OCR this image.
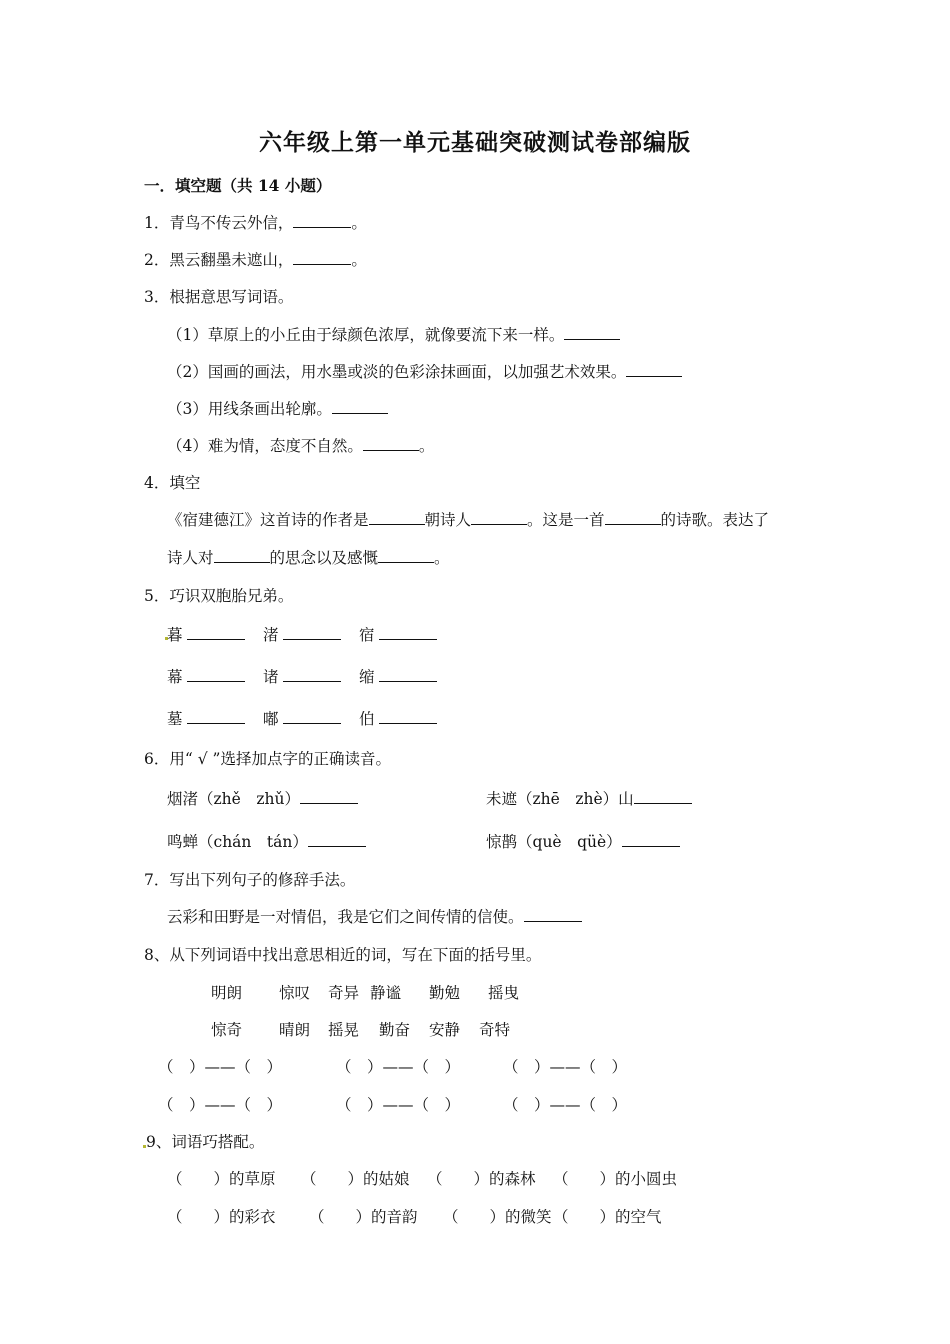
六年级上第一单元基础突破测试卷部编版
一．填空题（共 14 小题）
1．青鸟不传云外信，	。
2．黑云翻墨未遮山，	。
3．根据意思写词语。
（1）草原上的小丘由于绿颜色浓厚，就像要流下来一样。
（2）国画的画法，用水墨或淡的色彩涂抹画面，以加强艺术效果。
（3）用线条画出轮廓。
（4）难为情，态度不自然。	。
4．填空
《宿建德江》这首诗的作者是	朝诗人	。这是一首	的诗歌。表达了
诗人对	的思念以及感慨	。
5．巧识双胞胎兄弟。
暮	渚	宿
幕	诸	缩
墓	嘟	伯
6．用“ √ ”选择加点字的正确读音。
烟渚（zhě　zhǔ）	未遮（zhē　zhè）山
鸣蝉（chán　tán）	惊鹊（què　qüè）
7．写出下列句子的修辞手法。
云彩和田野是一对情侣，我是它们之间传情的信使。
8、从下列词语中找出意思相近的词，写在下面的括号里。
明朗 惊叹 奇异 静谧 勤勉 摇曳
惊奇 晴朗 摇晃 勤奋 安静 奇特
（　）——（　）	（　）——（　）	（　）——（　）
（　）——（　）	（　）——（　）	（　）——（　）
9、词语巧搭配。
（　　）的草原 （　　）的姑娘 （　　）的森林 （　　）的小圆虫
（　　）的彩衣 （　　）的音韵 （　　）的微笑 （　　）的空气
